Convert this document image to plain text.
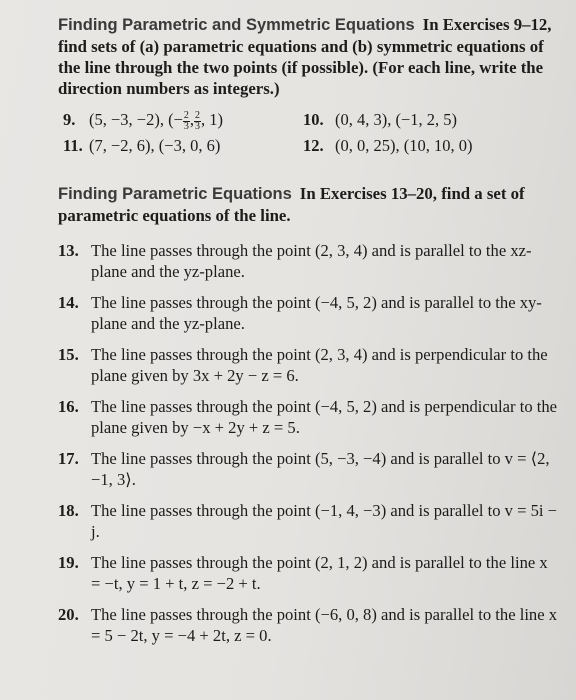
Finding Parametric and Symmetric Equations In Exercises 9–12, find sets of (a) parametric equations and (b) symmetric equations of the line through the two points (if possible). (For each line, write the direction numbers as integers.)

9. (5, −3, −2), (− $\frac{2}{3}$ , $\frac{2}{3}$ , 1)	10. (0, 4, 3), (−1, 2, 5)
11. (7, −2, 6), (−3, 0, 6)	12. (0, 0, 25), (10, 10, 0)

Finding Parametric Equations In Exercises 13–20, find a set of parametric equations of the line.

13. The line passes through the point (2, 3, 4) and is parallel to the xz-plane and the yz-plane.
14. The line passes through the point (−4, 5, 2) and is parallel to the xy-plane and the yz-plane.
15. The line passes through the point (2, 3, 4) and is perpendicular to the plane given by 3x + 2y − z = 6.
16. The line passes through the point (−4, 5, 2) and is perpendicular to the plane given by −x + 2y + z = 5.
17. The line passes through the point (5, −3, −4) and is parallel to v = ⟨2, −1, 3⟩.
18. The line passes through the point (−1, 4, −3) and is parallel to v = 5i − j.
19. The line passes through the point (2, 1, 2) and is parallel to the line x = −t, y = 1 + t, z = −2 + t.
20. The line passes through the point (−6, 0, 8) and is parallel to the line x = 5 − 2t, y = −4 + 2t, z = 0.
